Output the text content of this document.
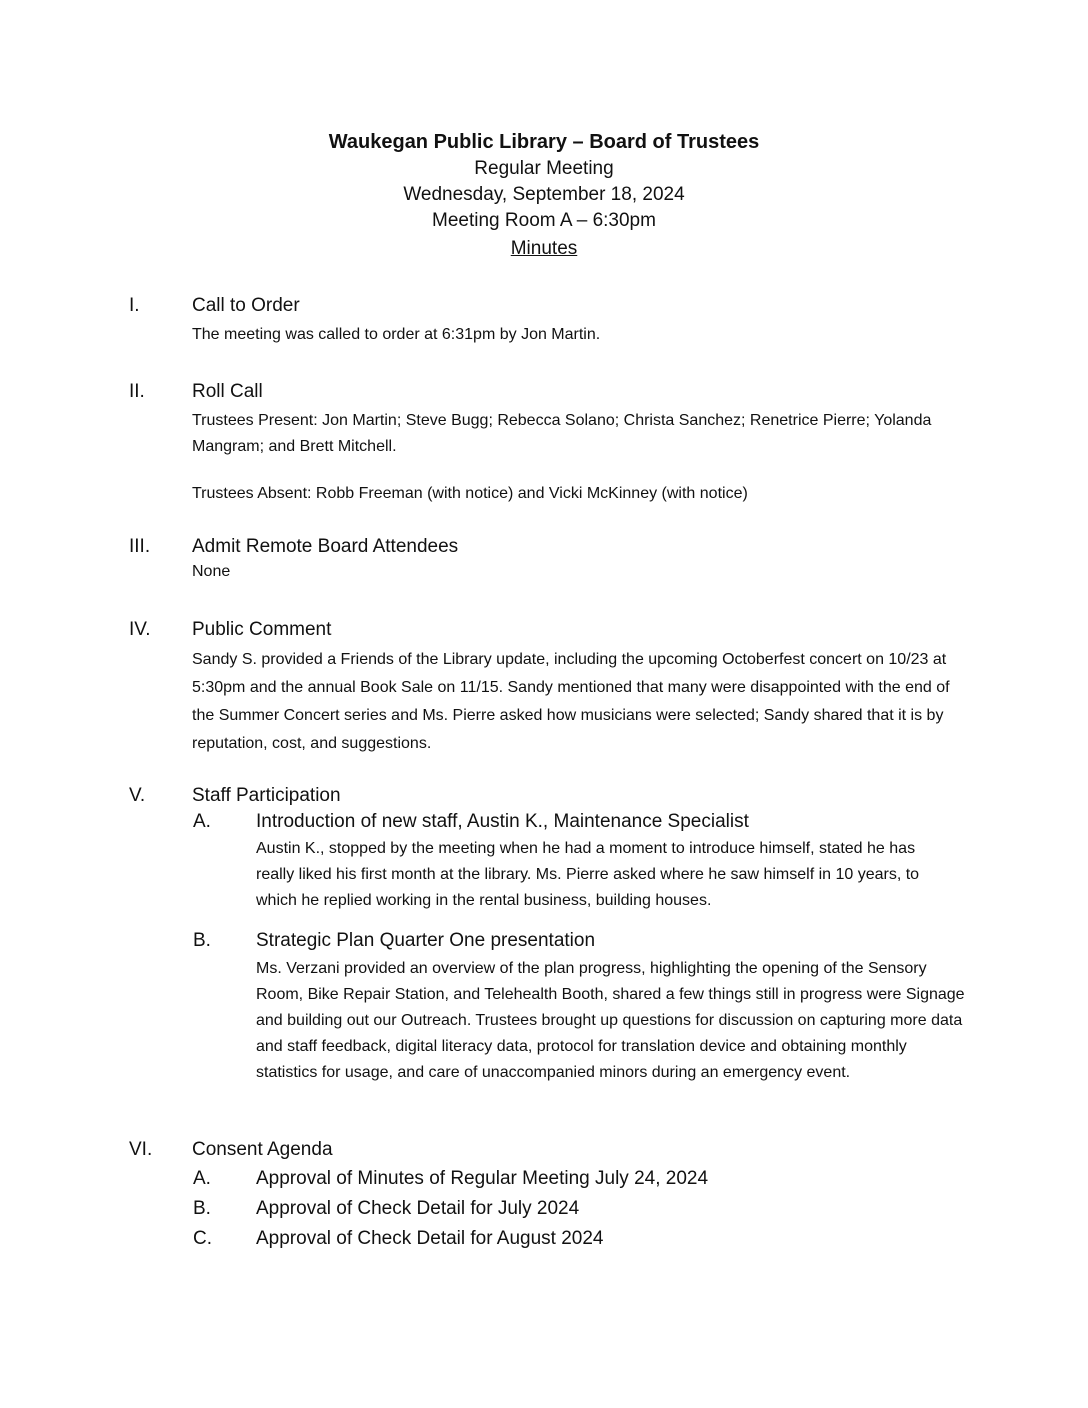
Waukegan Public Library – Board of Trustees

Regular Meeting

Wednesday, September 18, 2024

Meeting Room A – 6:30pm

Minutes

I.	Call to Order

The meeting was called to order at 6:31pm by Jon Martin.

II. Roll Call

Trustees Present: Jon Martin; Steve Bugg; Rebecca Solano; Christa Sanchez; Renetrice Pierre; Yolanda Mangram; and Brett Mitchell.

Trustees Absent: Robb Freeman (with notice) and Vicki McKinney (with notice)

III. Admit Remote Board Attendees

None

IV. Public Comment

Sandy S. provided a Friends of the Library update, including the upcoming Octoberfest concert on 10/23 at 5:30pm and the annual Book Sale on 11/15. Sandy mentioned that many were disappointed with the end of the Summer Concert series and Ms. Pierre asked how musicians were selected; Sandy shared that it is by reputation, cost, and suggestions.

V. Staff Participation

A. Introduction of new staff, Austin K., Maintenance Specialist

Austin K., stopped by the meeting when he had a moment to introduce himself, stated he has really liked his first month at the library. Ms. Pierre asked where he saw himself in 10 years, to which he replied working in the rental business, building houses.

B. Strategic Plan Quarter One presentation

Ms. Verzani provided an overview of the plan progress, highlighting the opening of the Sensory Room, Bike Repair Station, and Telehealth Booth, shared a few things still in progress were Signage and building out our Outreach. Trustees brought up questions for discussion on capturing more data and staff feedback, digital literacy data, protocol for translation device and obtaining monthly statistics for usage, and care of unaccompanied minors during an emergency event.

VI. Consent Agenda

A. Approval of Minutes of Regular Meeting July 24, 2024

B. Approval of Check Detail for July 2024

C. Approval of Check Detail for August 2024
